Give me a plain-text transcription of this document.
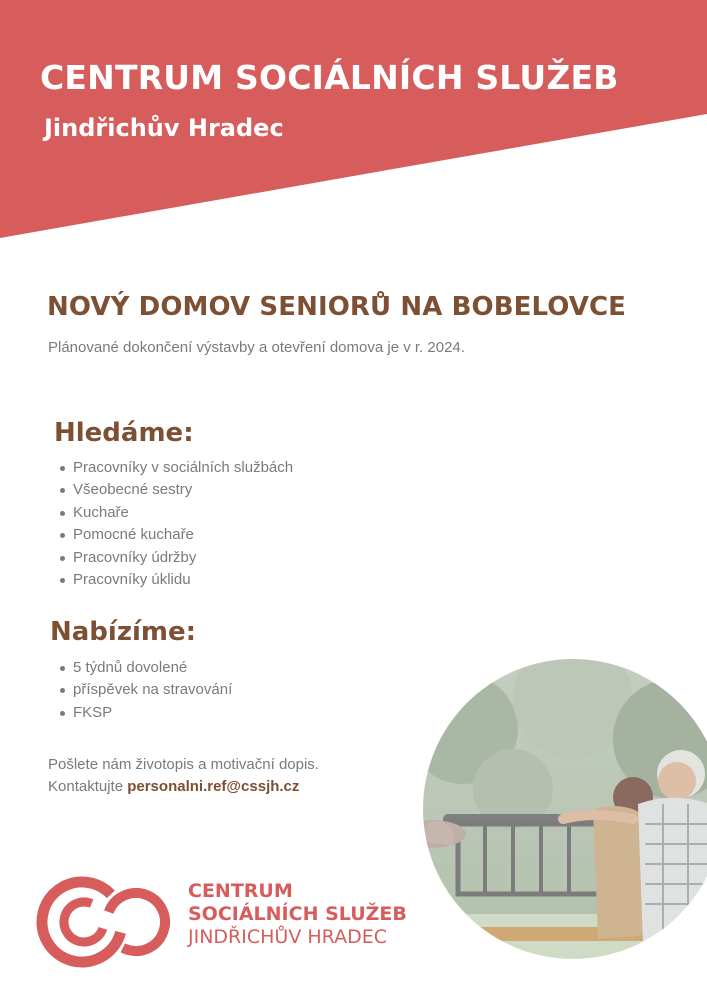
CENTRUM SOCIÁLNÍCH SLUŽEB
Jindřichův Hradec
NOVÝ DOMOV SENIORŮ NA BOBELOVCE

Plánované dokončení výstavby a otevření domova je v r. 2024.

Hledáme:
Pracovníky v sociálních službách
Všeobecné sestry
Kuchaře
Pomocné kuchaře
Pracovníky údržby
Pracovníky úklidu
Nabízíme:
5 týdnů dovolené
příspěvek na stravování
FKSP
Pošlete nám životopis a motivační dopis.
Kontaktujte personalni.ref@cssjh.cz
CENTRUM
SOCIÁLNÍCH SLUŽEB
JINDŘICHŮV HRADEC
